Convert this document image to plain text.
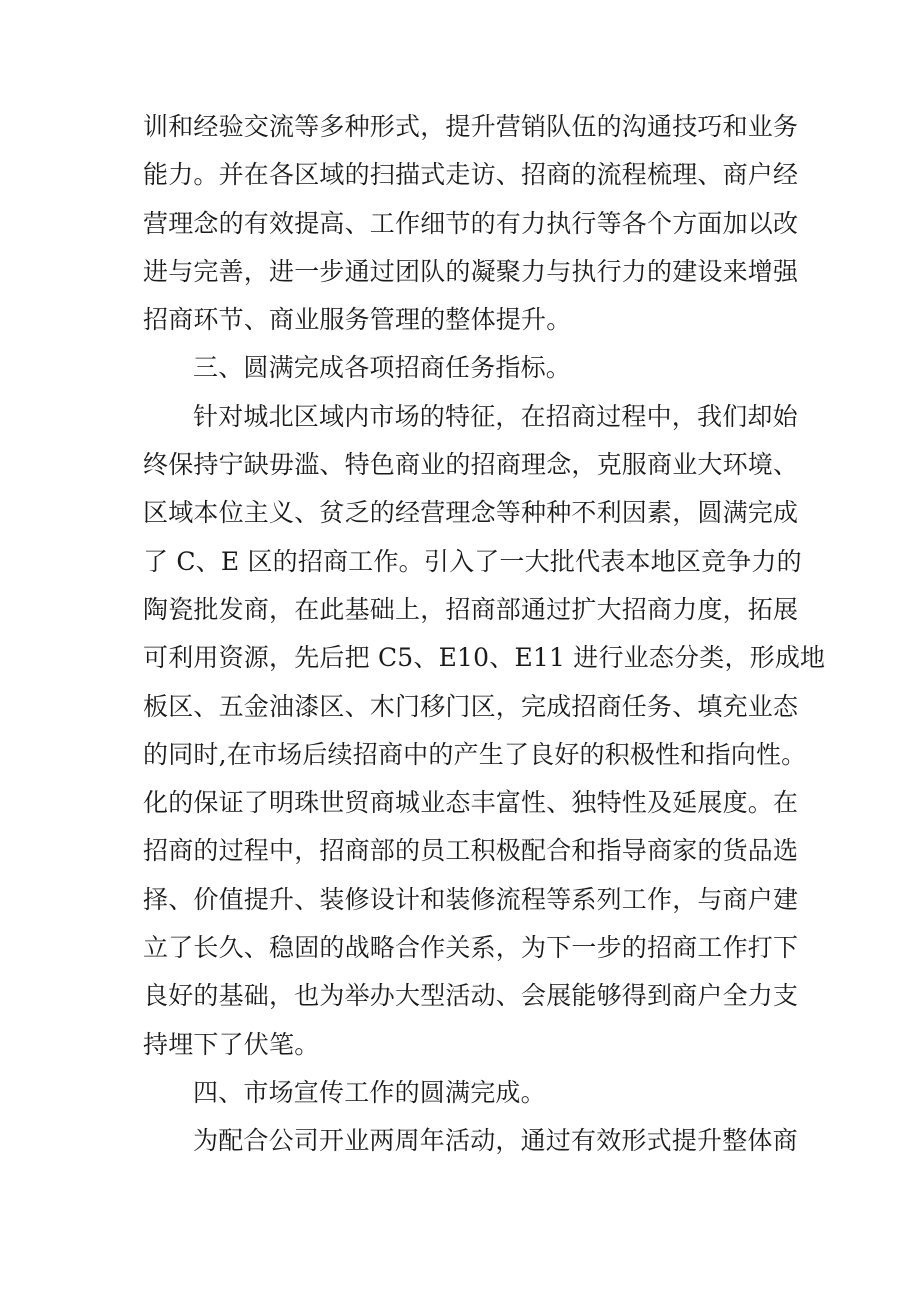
训和经验交流等多种形式，提升营销队伍的沟通技巧和业务
能力。并在各区域的扫描式走访、招商的流程梳理、商户经
营理念的有效提高、工作细节的有力执行等各个方面加以改
进与完善，进一步通过团队的凝聚力与执行力的建设来增强
招商环节、商业服务管理的整体提升。
三、圆满完成各项招商任务指标。
针对城北区域内市场的特征，在招商过程中，我们却始
终保持宁缺毋滥、特色商业的招商理念，克服商业大环境、
区域本位主义、贫乏的经营理念等种种不利因素，圆满完成
了 C、E 区的招商工作。引入了一大批代表本地区竞争力的
陶瓷批发商，在此基础上，招商部通过扩大招商力度，拓展
可利用资源，先后把 C5、E10、E11 进行业态分类，形成地
板区、五金油漆区、木门移门区，完成招商任务、填充业态
的同时,在市场后续招商中的产生了良好的积极性和指向性。
化的保证了明珠世贸商城业态丰富性、独特性及延展度。在
招商的过程中，招商部的员工积极配合和指导商家的货品选
择、价值提升、装修设计和装修流程等系列工作，与商户建
立了长久、稳固的战略合作关系，为下一步的招商工作打下
良好的基础，也为举办大型活动、会展能够得到商户全力支
持埋下了伏笔。
四、市场宣传工作的圆满完成。
为配合公司开业两周年活动，通过有效形式提升整体商
